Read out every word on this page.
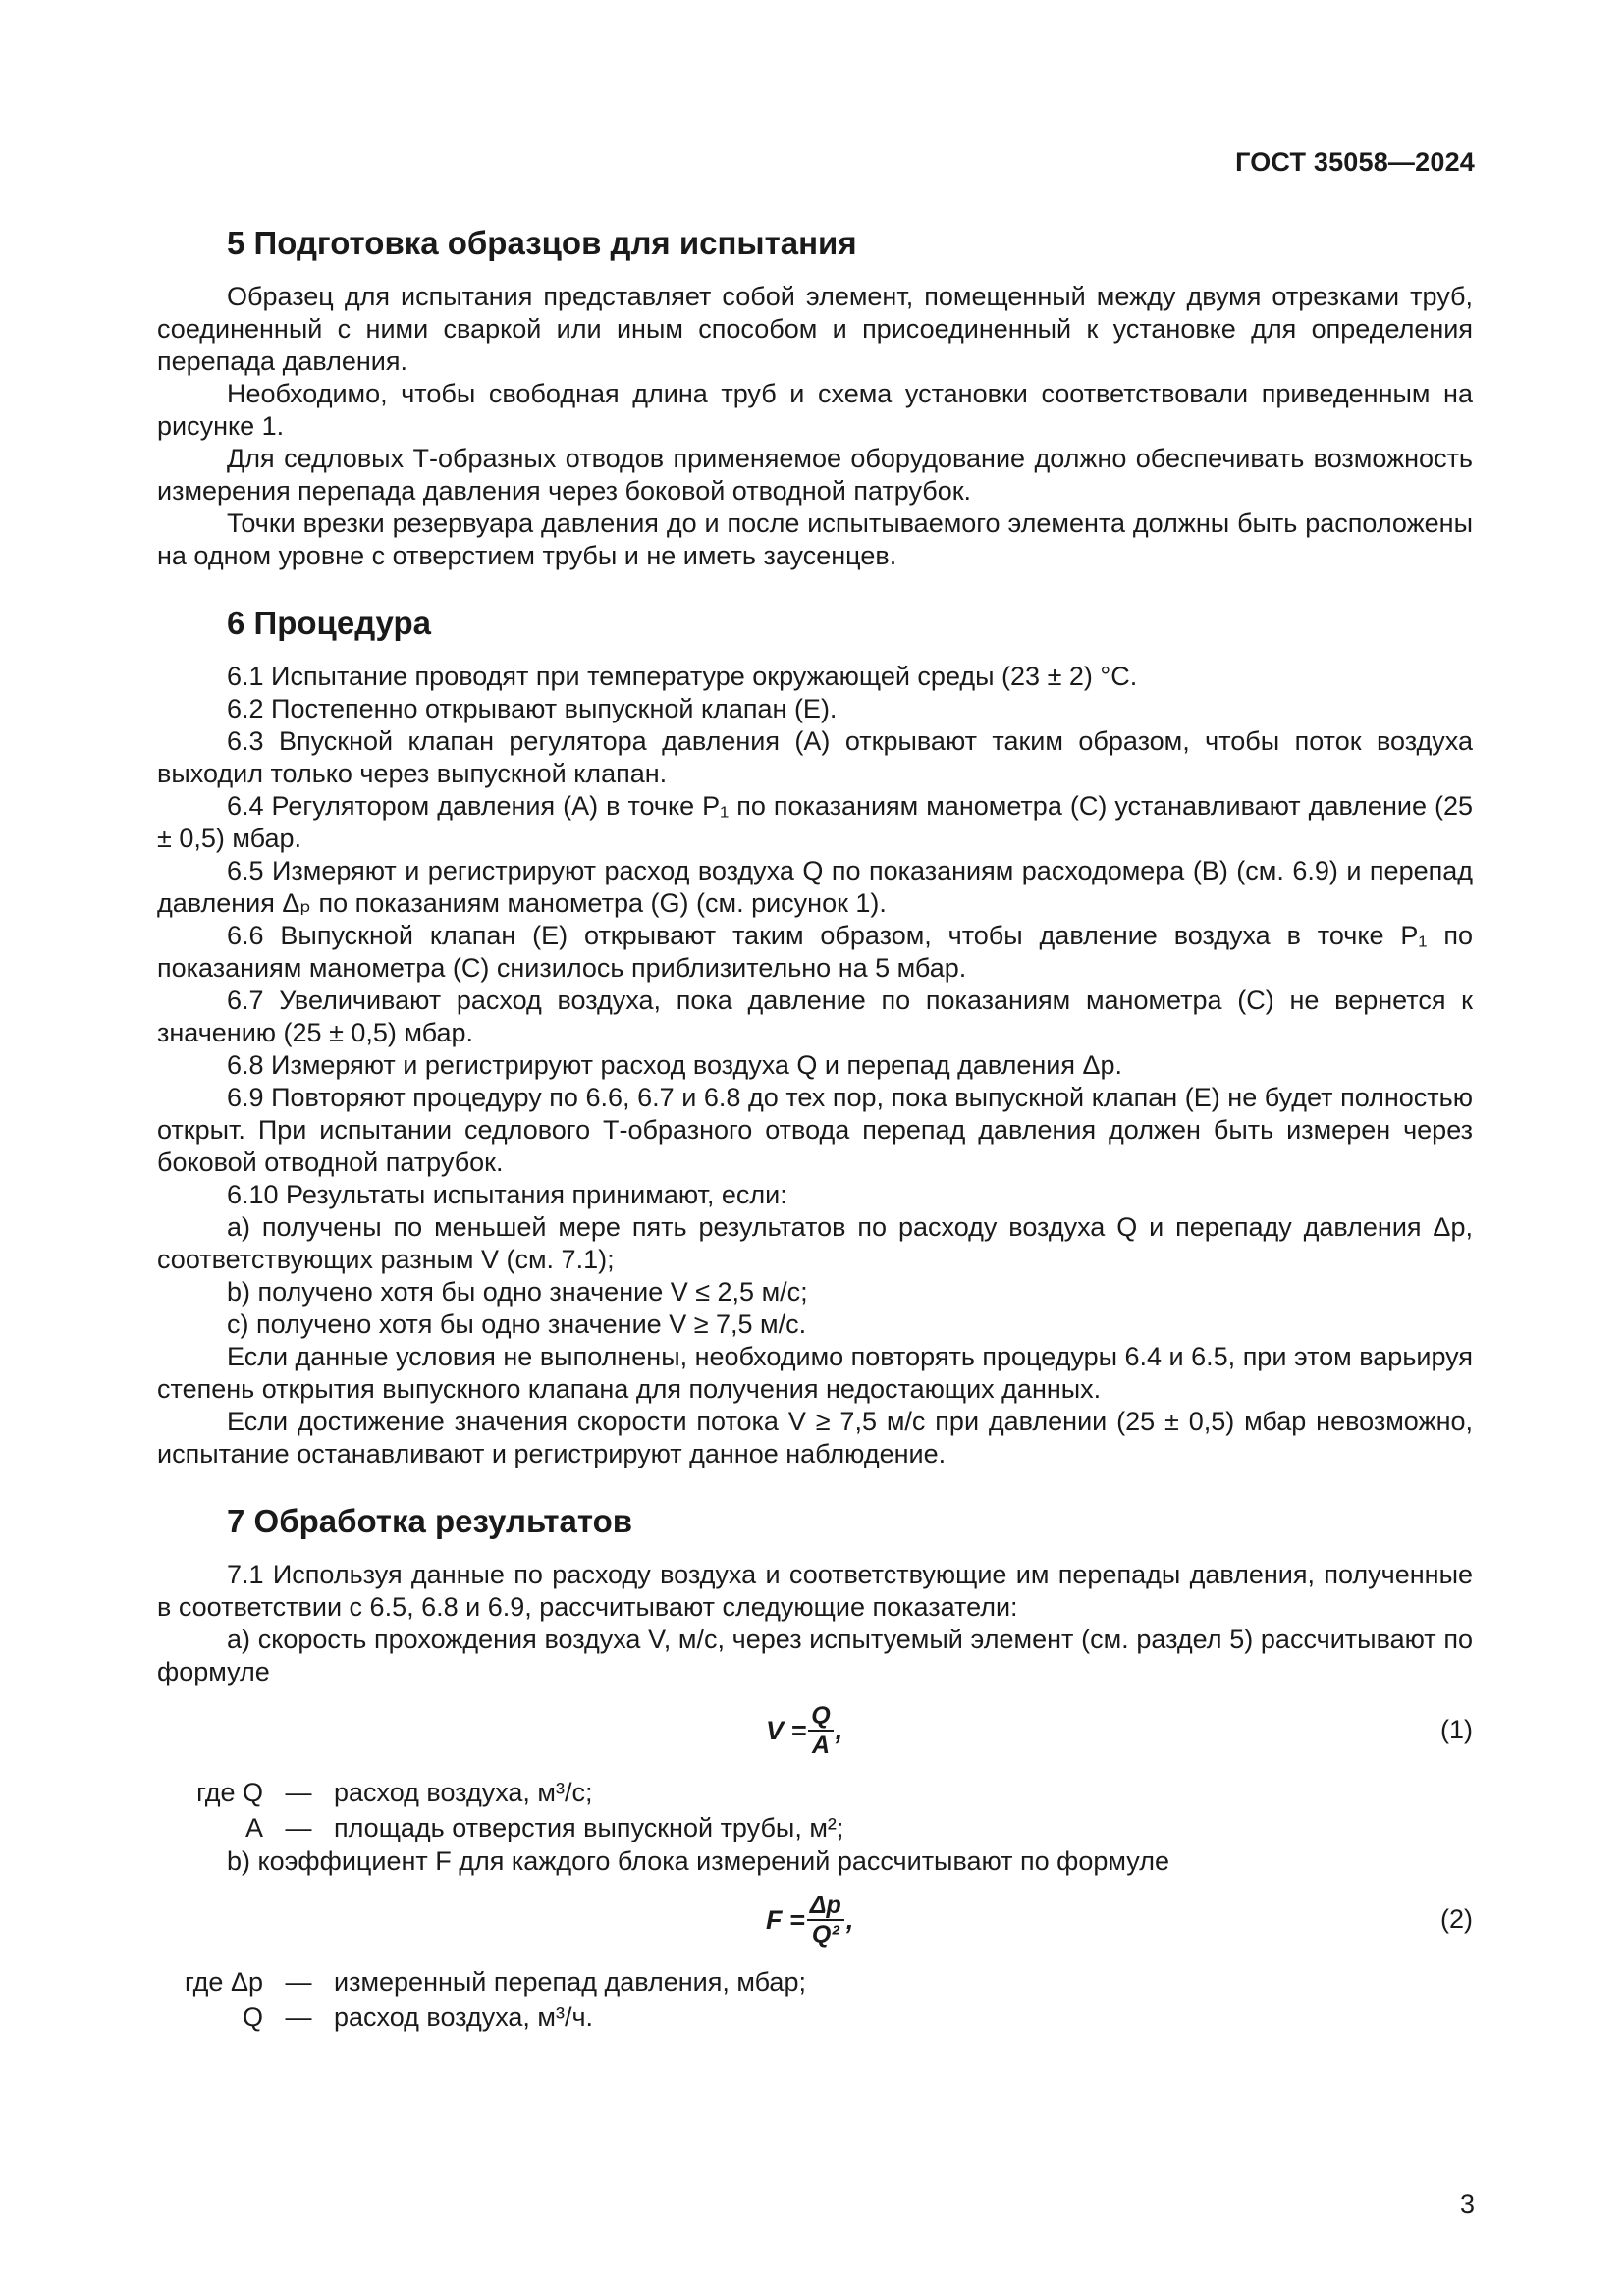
ГОСТ 35058—2024
5 Подготовка образцов для испытания

Образец для испытания представляет собой элемент, помещенный между двумя отрезками труб, соединенный с ними сваркой или иным способом и присоединенный к установке для определения перепада давления.

Необходимо, чтобы свободная длина труб и схема установки соответствовали приведенным на рисунке 1.

Для седловых Т-образных отводов применяемое оборудование должно обеспечивать возможность измерения перепада давления через боковой отводной патрубок.

Точки врезки резервуара давления до и после испытываемого элемента должны быть расположены на одном уровне с отверстием трубы и не иметь заусенцев.

6 Процедура

6.1 Испытание проводят при температуре окружающей среды (23 ± 2) °C.

6.2 Постепенно открывают выпускной клапан (E).

6.3 Впускной клапан регулятора давления (A) открывают таким образом, чтобы поток воздуха выходил только через выпускной клапан.

6.4 Регулятором давления (A) в точке P₁ по показаниям манометра (C) устанавливают давление (25 ± 0,5) мбар.

6.5 Измеряют и регистрируют расход воздуха Q по показаниям расходомера (B) (см. 6.9) и перепад давления Δₚ по показаниям манометра (G) (см. рисунок 1).

6.6 Выпускной клапан (E) открывают таким образом, чтобы давление воздуха в точке P₁ по показаниям манометра (C) снизилось приблизительно на 5 мбар.

6.7 Увеличивают расход воздуха, пока давление по показаниям манометра (C) не вернется к значению (25 ± 0,5) мбар.

6.8 Измеряют и регистрируют расход воздуха Q и перепад давления Δp.

6.9 Повторяют процедуру по 6.6, 6.7 и 6.8 до тех пор, пока выпускной клапан (E) не будет полностью открыт. При испытании седлового Т-образного отвода перепад давления должен быть измерен через боковой отводной патрубок.

6.10 Результаты испытания принимают, если:

a) получены по меньшей мере пять результатов по расходу воздуха Q и перепаду давления Δp, соответствующих разным V (см. 7.1);

b) получено хотя бы одно значение V ≤ 2,5 м/с;

c) получено хотя бы одно значение V ≥ 7,5 м/с.

Если данные условия не выполнены, необходимо повторять процедуры 6.4 и 6.5, при этом варьируя степень открытия выпускного клапана для получения недостающих данных.

Если достижение значения скорости потока V ≥ 7,5 м/с при давлении (25 ± 0,5) мбар невозможно, испытание останавливают и регистрируют данное наблюдение.

7 Обработка результатов

7.1 Используя данные по расходу воздуха и соответствующие им перепады давления, полученные в соответствии с 6.5, 6.8 и 6.9, рассчитывают следующие показатели:

a) скорость прохождения воздуха V, м/с, через испытуемый элемент (см. раздел 5) рассчитывают по формуле

$V = \frac{Q}{A}$ ,	(1)
где Q — расход воздуха, м³/с;
A — площадь отверстия выпускной трубы, м²;

b) коэффициент F для каждого блока измерений рассчитывают по формуле

$F = \frac{\Delta p}{\text{Q²}}$ ,	(2)
где Δp — измеренный перепад давления, мбар;
Q — расход воздуха, м³/ч.
3
